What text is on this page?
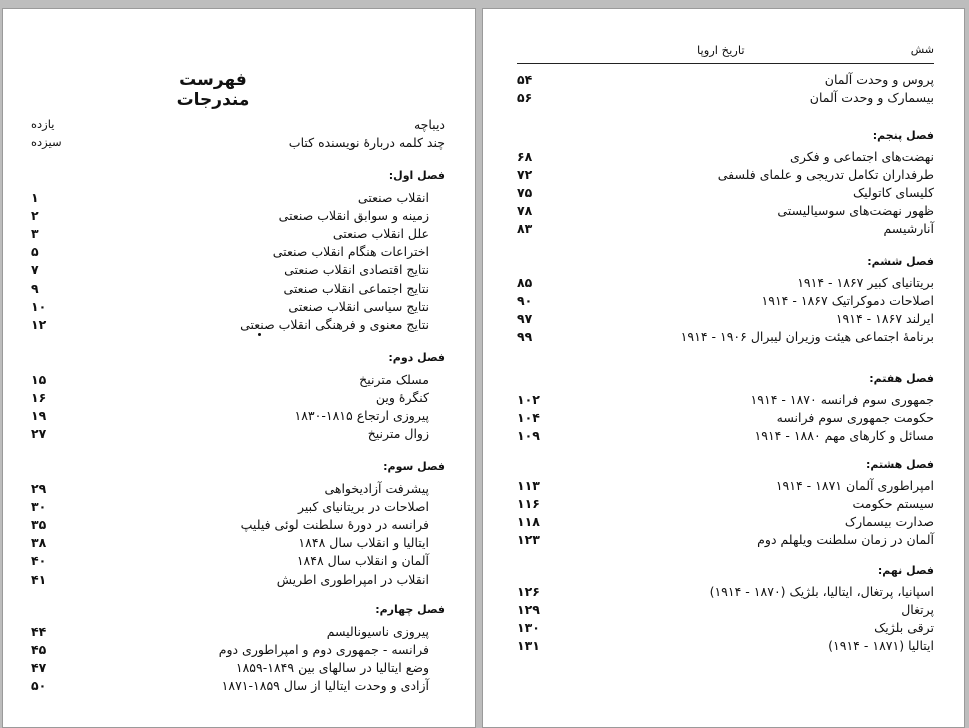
فهرست مندرجات
یازده	دیباچه
سیزده	چند کلمه دربارهٔ نویسنده کتاب
فصل اول:
۱	انقلاب صنعتی
۲	زمینه و سوابق انقلاب صنعتی
۳	علل انقلاب صنعتی
۵	اختراعات هنگام انقلاب صنعتی
۷	نتایج اقتصادی انقلاب صنعتی
۹	نتایج اجتماعی انقلاب صنعتی
۱۰	نتایج سیاسی انقلاب صنعتی
۱۲	نتایج معنوی و فرهنگی انقلاب صنعتی
فصل دوم:
۱۵	مسلک مترنیخ
۱۶	کنگرهٔ وین
۱۹	پیروزی ارتجاع ۱۸۱۵-۱۸۳۰
۲۷	زوال مترنیخ
فصل سوم:
۲۹	پیشرفت آزادیخواهی
۳۰	اصلاحات در بریتانیای کبیر
۳۵	فرانسه در دورهٔ سلطنت لوئی فیلیپ
۳۸	ایتالیا و انقلاب سال ۱۸۴۸
۴۰	آلمان و انقلاب سال ۱۸۴۸
۴۱	انقلاب در امپراطوری اطریش
فصل چهارم:
۴۴	پیروزی ناسیونالیسم
۴۵	فرانسه - جمهوری دوم و امپراطوری دوم
۴۷	وضع ایتالیا در سالهای بین ۱۸۴۹-۱۸۵۹
۵۰	آزادی و وحدت ایتالیا از سال ۱۸۵۹-۱۸۷۱
شش
تاریخ اروپا
۵۴	پروس و وحدت آلمان
۵۶	بیسمارک و وحدت آلمان
فصل پنجم:
۶۸	نهضت‌های اجتماعی و فکری
۷۲	طرفداران تکامل تدریجی و علمای فلسفی
۷۵	کلیسای کاتولیک
۷۸	ظهور نهضت‌های سوسیالیستی
۸۳	آنارشیسم
فصل ششم:
۸۵	بریتانیای کبیر ۱۸۶۷ - ۱۹۱۴
۹۰	اصلاحات دموکراتیک ۱۸۶۷ - ۱۹۱۴
۹۷	ایرلند ۱۸۶۷ - ۱۹۱۴
۹۹	برنامهٔ اجتماعی هیئت وزیران لیبرال ۱۹۰۶ - ۱۹۱۴
فصل هفتم:
۱۰۲	جمهوری سوم فرانسه ۱۸۷۰ - ۱۹۱۴
۱۰۴	حکومت جمهوری سوم فرانسه
۱۰۹	مسائل و کارهای مهم ۱۸۸۰ - ۱۹۱۴
فصل هشتم:
۱۱۳	امپراطوری آلمان ۱۸۷۱ - ۱۹۱۴
۱۱۶	سیستم حکومت
۱۱۸	صدارت بیسمارک
۱۲۳	آلمان در زمان سلطنت ویلهلم دوم
فصل نهم:
۱۲۶	اسپانیا، پرتغال، ایتالیا، بلژیک (۱۸۷۰ - ۱۹۱۴)
۱۲۹	پرتغال
۱۳۰	ترقی بلژیک
۱۳۱	ایتالیا (۱۸۷۱ - ۱۹۱۴)
